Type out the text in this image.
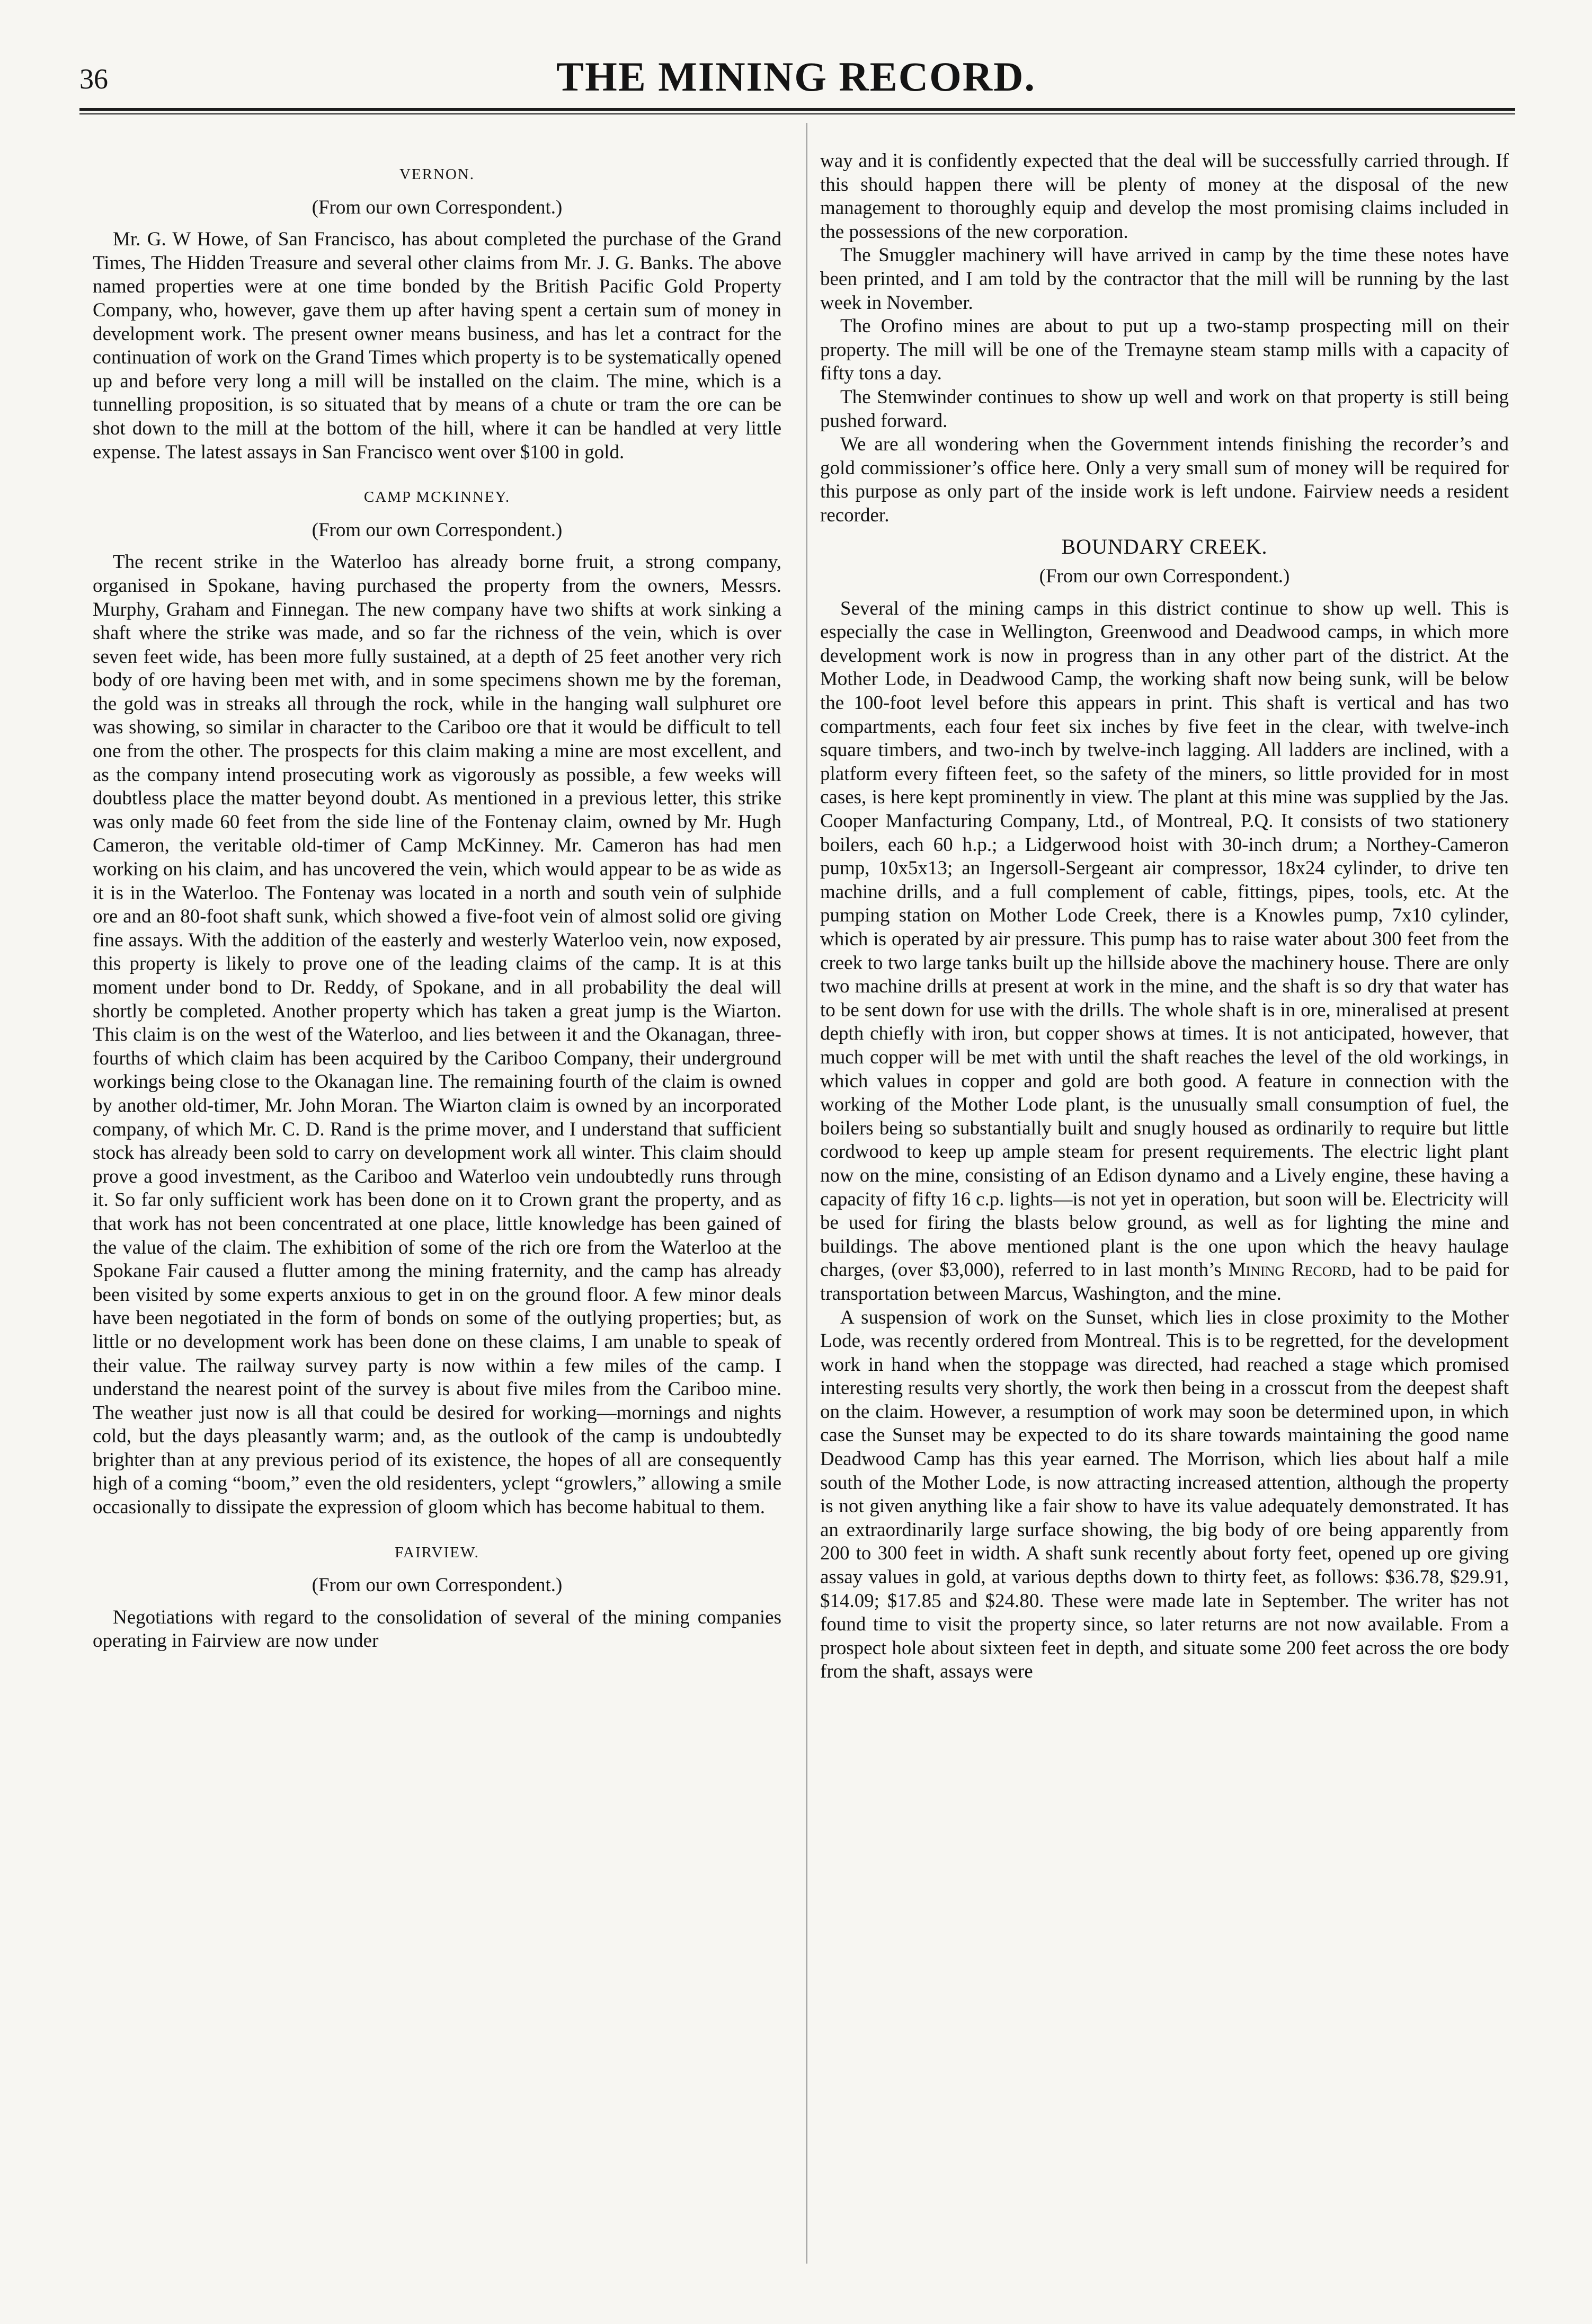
36	THE MINING RECORD.
VERNON.
(From our own Correspondent.)

Mr. G. W Howe, of San Francisco, has about completed the purchase of the Grand Times, The Hidden Treasure and several other claims from Mr. J. G. Banks. The above named properties were at one time bonded by the British Pacific Gold Property Company, who, however, gave them up after having spent a certain sum of money in development work. The present owner means business, and has let a contract for the continuation of work on the Grand Times which property is to be systematically opened up and before very long a mill will be installed on the claim. The mine, which is a tunnelling proposition, is so situated that by means of a chute or tram the ore can be shot down to the mill at the bottom of the hill, where it can be handled at very little expense. The latest assays in San Francisco went over $100 in gold.

CAMP MCKINNEY.
(From our own Correspondent.)

The recent strike in the Waterloo has already borne fruit, a strong company, organised in Spokane, having purchased the property from the owners, Messrs. Murphy, Graham and Finnegan. The new company have two shifts at work sinking a shaft where the strike was made, and so far the richness of the vein, which is over seven feet wide, has been more fully sustained, at a depth of 25 feet another very rich body of ore having been met with, and in some specimens shown me by the foreman, the gold was in streaks all through the rock, while in the hanging wall sulphuret ore was showing, so similar in character to the Cariboo ore that it would be difficult to tell one from the other. The prospects for this claim making a mine are most excellent, and as the company intend prosecuting work as vigorously as possible, a few weeks will doubtless place the matter beyond doubt. As mentioned in a previous letter, this strike was only made 60 feet from the side line of the Fontenay claim, owned by Mr. Hugh Cameron, the veritable old-timer of Camp McKinney. Mr. Cameron has had men working on his claim, and has uncovered the vein, which would appear to be as wide as it is in the Waterloo. The Fontenay was located in a north and south vein of sulphide ore and an 80-foot shaft sunk, which showed a five-foot vein of almost solid ore giving fine assays. With the addition of the easterly and westerly Waterloo vein, now exposed, this property is likely to prove one of the leading claims of the camp. It is at this moment under bond to Dr. Reddy, of Spokane, and in all probability the deal will shortly be completed. Another property which has taken a great jump is the Wiarton. This claim is on the west of the Waterloo, and lies between it and the Okanagan, three-fourths of which claim has been acquired by the Cariboo Company, their underground workings being close to the Okanagan line. The remaining fourth of the claim is owned by another old-timer, Mr. John Moran. The Wiarton claim is owned by an incorporated company, of which Mr. C. D. Rand is the prime mover, and I understand that sufficient stock has already been sold to carry on development work all winter. This claim should prove a good investment, as the Cariboo and Waterloo vein undoubtedly runs through it. So far only sufficient work has been done on it to Crown grant the property, and as that work has not been concentrated at one place, little knowledge has been gained of the value of the claim. The exhibition of some of the rich ore from the Waterloo at the Spokane Fair caused a flutter among the mining fraternity, and the camp has already been visited by some experts anxious to get in on the ground floor. A few minor deals have been negotiated in the form of bonds on some of the outlying properties; but, as little or no development work has been done on these claims, I am unable to speak of their value. The railway survey party is now within a few miles of the camp. I understand the nearest point of the survey is about five miles from the Cariboo mine. The weather just now is all that could be desired for working—mornings and nights cold, but the days pleasantly warm; and, as the outlook of the camp is undoubtedly brighter than at any previous period of its existence, the hopes of all are consequently high of a coming “boom,” even the old residenters, yclept “growlers,” allowing a smile occasionally to dissipate the expression of gloom which has become habitual to them.

FAIRVIEW.
(From our own Correspondent.)

Negotiations with regard to the consolidation of several of the mining companies operating in Fairview are now under

way and it is confidently expected that the deal will be successfully carried through. If this should happen there will be plenty of money at the disposal of the new management to thoroughly equip and develop the most promising claims included in the possessions of the new corporation.

The Smuggler machinery will have arrived in camp by the time these notes have been printed, and I am told by the contractor that the mill will be running by the last week in November.

The Orofino mines are about to put up a two-stamp prospecting mill on their property. The mill will be one of the Tremayne steam stamp mills with a capacity of fifty tons a day.

The Stemwinder continues to show up well and work on that property is still being pushed forward.

We are all wondering when the Government intends finishing the recorder’s and gold commissioner’s office here. Only a very small sum of money will be required for this purpose as only part of the inside work is left undone. Fairview needs a resident recorder.

BOUNDARY CREEK.
(From our own Correspondent.)

Several of the mining camps in this district continue to show up well. This is especially the case in Wellington, Greenwood and Deadwood camps, in which more development work is now in progress than in any other part of the district. At the Mother Lode, in Deadwood Camp, the working shaft now being sunk, will be below the 100-foot level before this appears in print. This shaft is vertical and has two compartments, each four feet six inches by five feet in the clear, with twelve-inch square timbers, and two-inch by twelve-inch lagging. All ladders are inclined, with a platform every fifteen feet, so the safety of the miners, so little provided for in most cases, is here kept prominently in view. The plant at this mine was supplied by the Jas. Cooper Manfacturing Company, Ltd., of Montreal, P.Q. It consists of two stationery boilers, each 60 h.p.; a Lidgerwood hoist with 30-inch drum; a Northey-Cameron pump, 10x5x13; an Ingersoll-Sergeant air compressor, 18x24 cylinder, to drive ten machine drills, and a full complement of cable, fittings, pipes, tools, etc. At the pumping station on Mother Lode Creek, there is a Knowles pump, 7x10 cylinder, which is operated by air pressure. This pump has to raise water about 300 feet from the creek to two large tanks built up the hillside above the machinery house. There are only two machine drills at present at work in the mine, and the shaft is so dry that water has to be sent down for use with the drills. The whole shaft is in ore, mineralised at present depth chiefly with iron, but copper shows at times. It is not anticipated, however, that much copper will be met with until the shaft reaches the level of the old workings, in which values in copper and gold are both good. A feature in connection with the working of the Mother Lode plant, is the unusually small consumption of fuel, the boilers being so substantially built and snugly housed as ordinarily to require but little cordwood to keep up ample steam for present requirements. The electric light plant now on the mine, consisting of an Edison dynamo and a Lively engine, these having a capacity of fifty 16 c.p. lights—is not yet in operation, but soon will be. Electricity will be used for firing the blasts below ground, as well as for lighting the mine and buildings. The above mentioned plant is the one upon which the heavy haulage charges, (over $3,000), referred to in last month’s Mining Record, had to be paid for transportation between Marcus, Washington, and the mine.

A suspension of work on the Sunset, which lies in close proximity to the Mother Lode, was recently ordered from Montreal. This is to be regretted, for the development work in hand when the stoppage was directed, had reached a stage which promised interesting results very shortly, the work then being in a crosscut from the deepest shaft on the claim. However, a resumption of work may soon be determined upon, in which case the Sunset may be expected to do its share towards maintaining the good name Deadwood Camp has this year earned. The Morrison, which lies about half a mile south of the Mother Lode, is now attracting increased attention, although the property is not given anything like a fair show to have its value adequately demonstrated. It has an extraordinarily large surface showing, the big body of ore being apparently from 200 to 300 feet in width. A shaft sunk recently about forty feet, opened up ore giving assay values in gold, at various depths down to thirty feet, as follows: $36.78, $29.91, $14.09; $17.85 and $24.80. These were made late in September. The writer has not found time to visit the property since, so later returns are not now available. From a prospect hole about sixteen feet in depth, and situate some 200 feet across the ore body from the shaft, assays were
